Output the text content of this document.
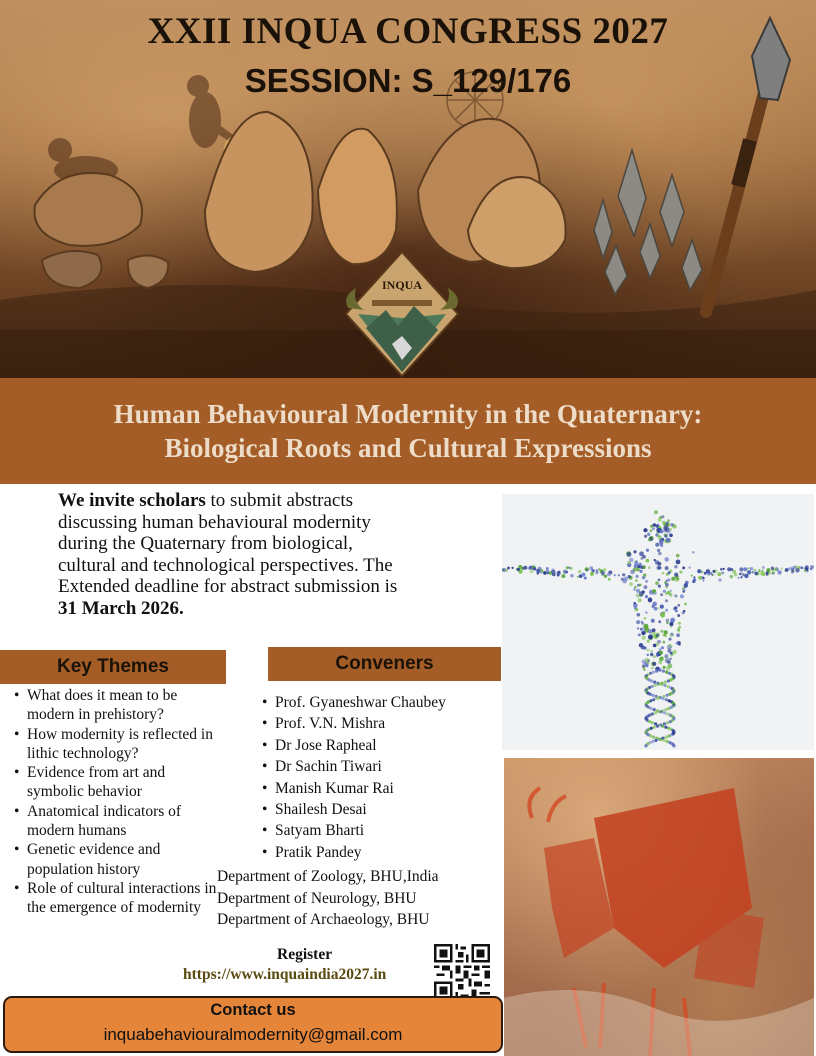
XXII INQUA CONGRESS 2027
SESSION: S_129/176
INQUA
Human Behavioural Modernity in the Quaternary:
Biological Roots and Cultural Expressions

We invite scholars to submit abstracts discussing human behavioural modernity during the Quaternary from biological, cultural and technological perspectives. The Extended deadline for abstract submission is 31 March 2026.

Key Themes
• What does it mean to be modern in prehistory?
• How modernity is reflected in lithic technology?
• Evidence from art and symbolic behavior
• Anatomical indicators of modern humans
• Genetic evidence and population history
• Role of cultural interactions in the emergence of modernity
Conveners
• Prof. Gyaneshwar Chaubey
• Prof. V.N. Mishra
• Dr Jose Rapheal
• Dr Sachin Tiwari
• Manish Kumar Rai
• Shailesh Desai
• Satyam Bharti
• Pratik Pandey
Department of Zoology, BHU,India
Department of Neurology, BHU
Department of Archaeology, BHU
Register
https://www.inquaindia2027.in
Contact us
inquabehaviouralmodernity@gmail.com
